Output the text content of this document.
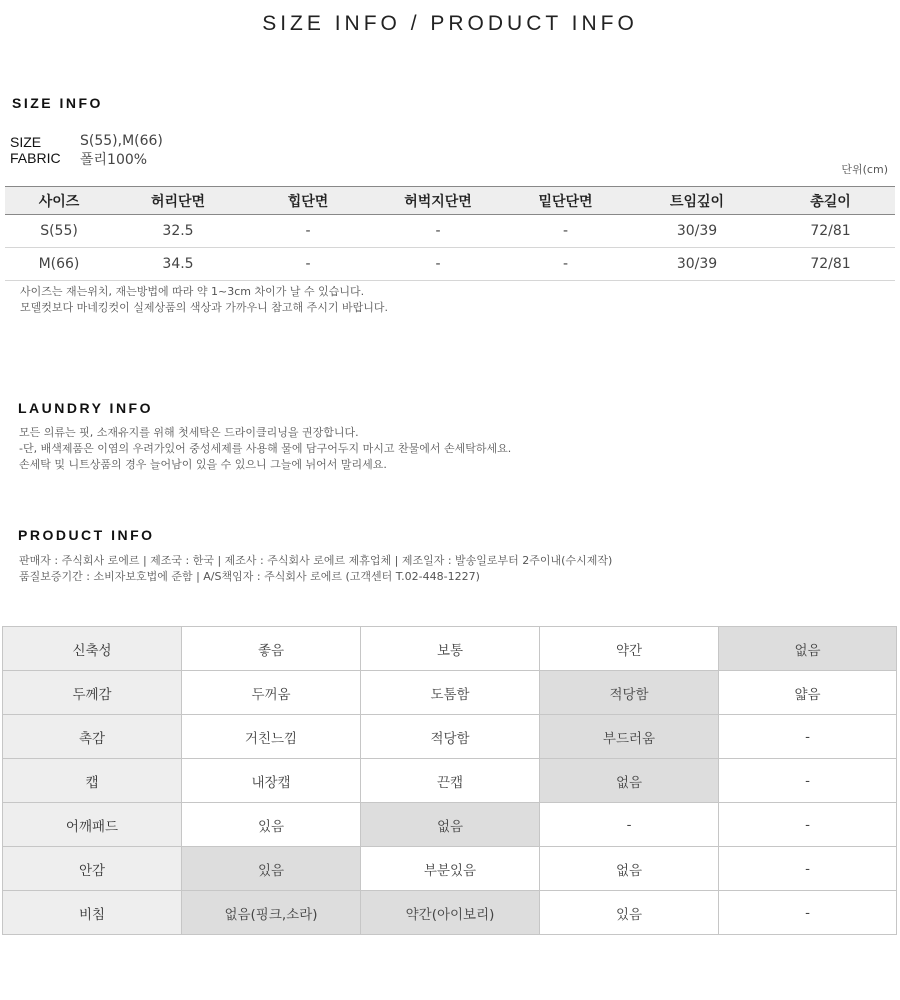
SIZE INFO / PRODUCT INFO
SIZE INFO
SIZE	S(55),M(66)
FABRIC 폴리100%
단위(cm)
사이즈	허리단면	힙단면	허벅지단면	밑단단면	트임깊이	총길이
S(55)	32.5	-	-	-	30/39	72/81
M(66)	34.5	-	-	-	30/39	72/81
사이즈는 재는위치, 재는방법에 따라 약 1~3cm 차이가 날 수 있습니다.
모델컷보다 마네킹컷이 실제상품의 색상과 가까우니 참고해 주시기 바랍니다.
LAUNDRY INFO
모든 의류는 핏, 소재유지를 위해 첫세탁은 드라이클리닝을 권장합니다.
-단, 배색제품은 이염의 우려가있어 중성세제를 사용해 물에 담구어두지 마시고 찬물에서 손세탁하세요.
손세탁 및 니트상품의 경우 늘어남이 있을 수 있으니 그늘에 뉘어서 말리세요.
PRODUCT INFO
판매자 : 주식회사 로에르 | 제조국 : 한국 | 제조사 : 주식회사 로에르 제휴업체 | 제조일자 : 발송일로부터 2주이내(수시제작)
품질보증기간 : 소비자보호법에 준함 | A/S책임자 : 주식회사 로에르 (고객센터 T.02-448-1227)
신축성	좋음	보통	약간	없음
두께감	두꺼움	도톰함	적당함	얇음
촉감	거친느낌	적당함	부드러움	-
캡	내장캡	끈캡	없음	-
어깨패드	있음	없음	-	-
안감	있음	부분있음	없음	-
비침	없음(핑크,소라)	약간(아이보리)	있음	-
